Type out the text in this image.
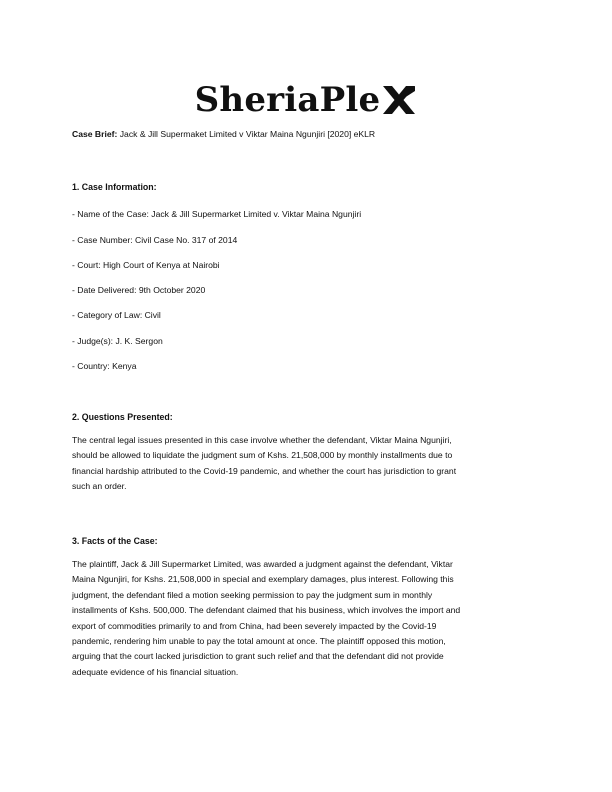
SheriaPle
Case Brief: Jack & Jill Supermaket Limited v Viktar Maina Ngunjiri [2020] eKLR
1. Case Information:
- Name of the Case: Jack & Jill Supermarket Limited v. Viktar Maina Ngunjiri
- Case Number: Civil Case No. 317 of 2014
- Court: High Court of Kenya at Nairobi
- Date Delivered: 9th October 2020
- Category of Law: Civil
- Judge(s): J. K. Sergon
- Country: Kenya
2. Questions Presented:
The central legal issues presented in this case involve whether the defendant, Viktar Maina Ngunjiri,
should be allowed to liquidate the judgment sum of Kshs. 21,508,000 by monthly installments due to
financial hardship attributed to the Covid-19 pandemic, and whether the court has jurisdiction to grant
such an order.
3. Facts of the Case:
The plaintiff, Jack & Jill Supermarket Limited, was awarded a judgment against the defendant, Viktar
Maina Ngunjiri, for Kshs. 21,508,000 in special and exemplary damages, plus interest. Following this
judgment, the defendant filed a motion seeking permission to pay the judgment sum in monthly
installments of Kshs. 500,000. The defendant claimed that his business, which involves the import and
export of commodities primarily to and from China, had been severely impacted by the Covid-19
pandemic, rendering him unable to pay the total amount at once. The plaintiff opposed this motion,
arguing that the court lacked jurisdiction to grant such relief and that the defendant did not provide
adequate evidence of his financial situation.
